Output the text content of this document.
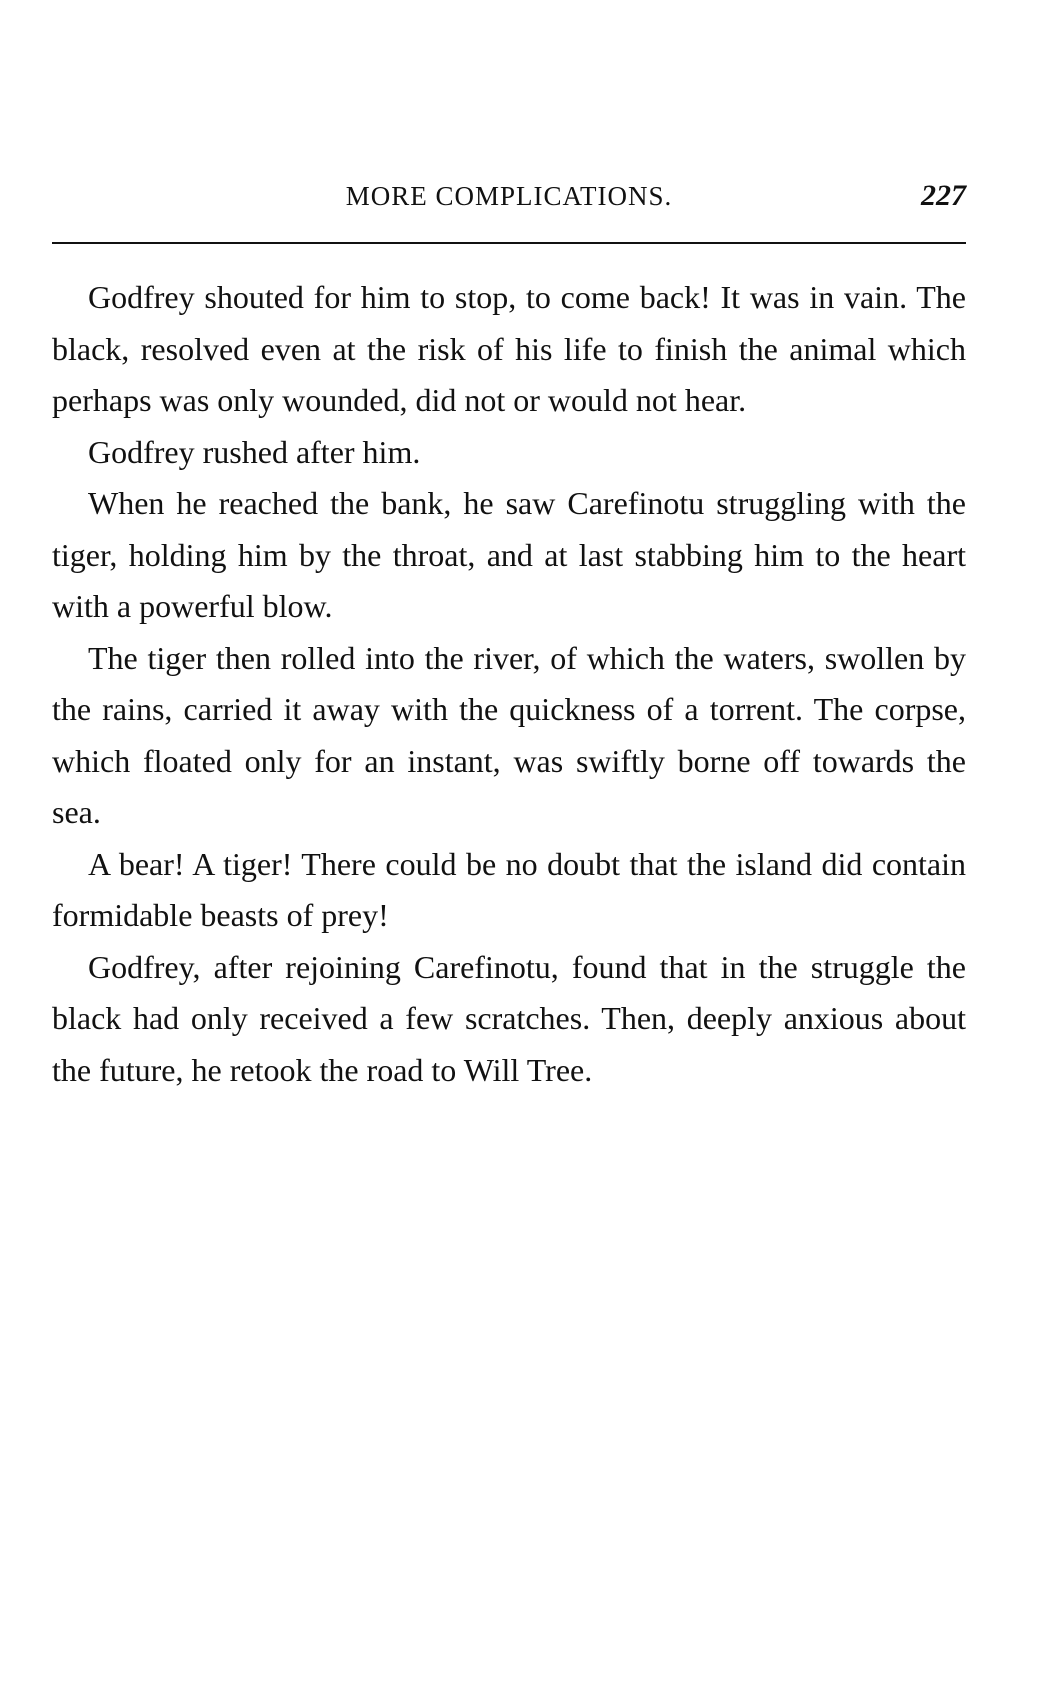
MORE COMPLICATIONS.	227

Godfrey shouted for him to stop, to come back! It was in vain. The black, resolved even at the risk of his life to finish the animal which perhaps was only wounded, did not or would not hear.

Godfrey rushed after him.

When he reached the bank, he saw Carefinotu struggling with the tiger, holding him by the throat, and at last stabbing him to the heart with a powerful blow.

The tiger then rolled into the river, of which the waters, swollen by the rains, carried it away with the quickness of a torrent. The corpse, which floated only for an instant, was swiftly borne off towards the sea.

A bear! A tiger! There could be no doubt that the island did contain formidable beasts of prey!

Godfrey, after rejoining Carefinotu, found that in the struggle the black had only received a few scratches. Then, deeply anxious about the future, he retook the road to Will Tree.
